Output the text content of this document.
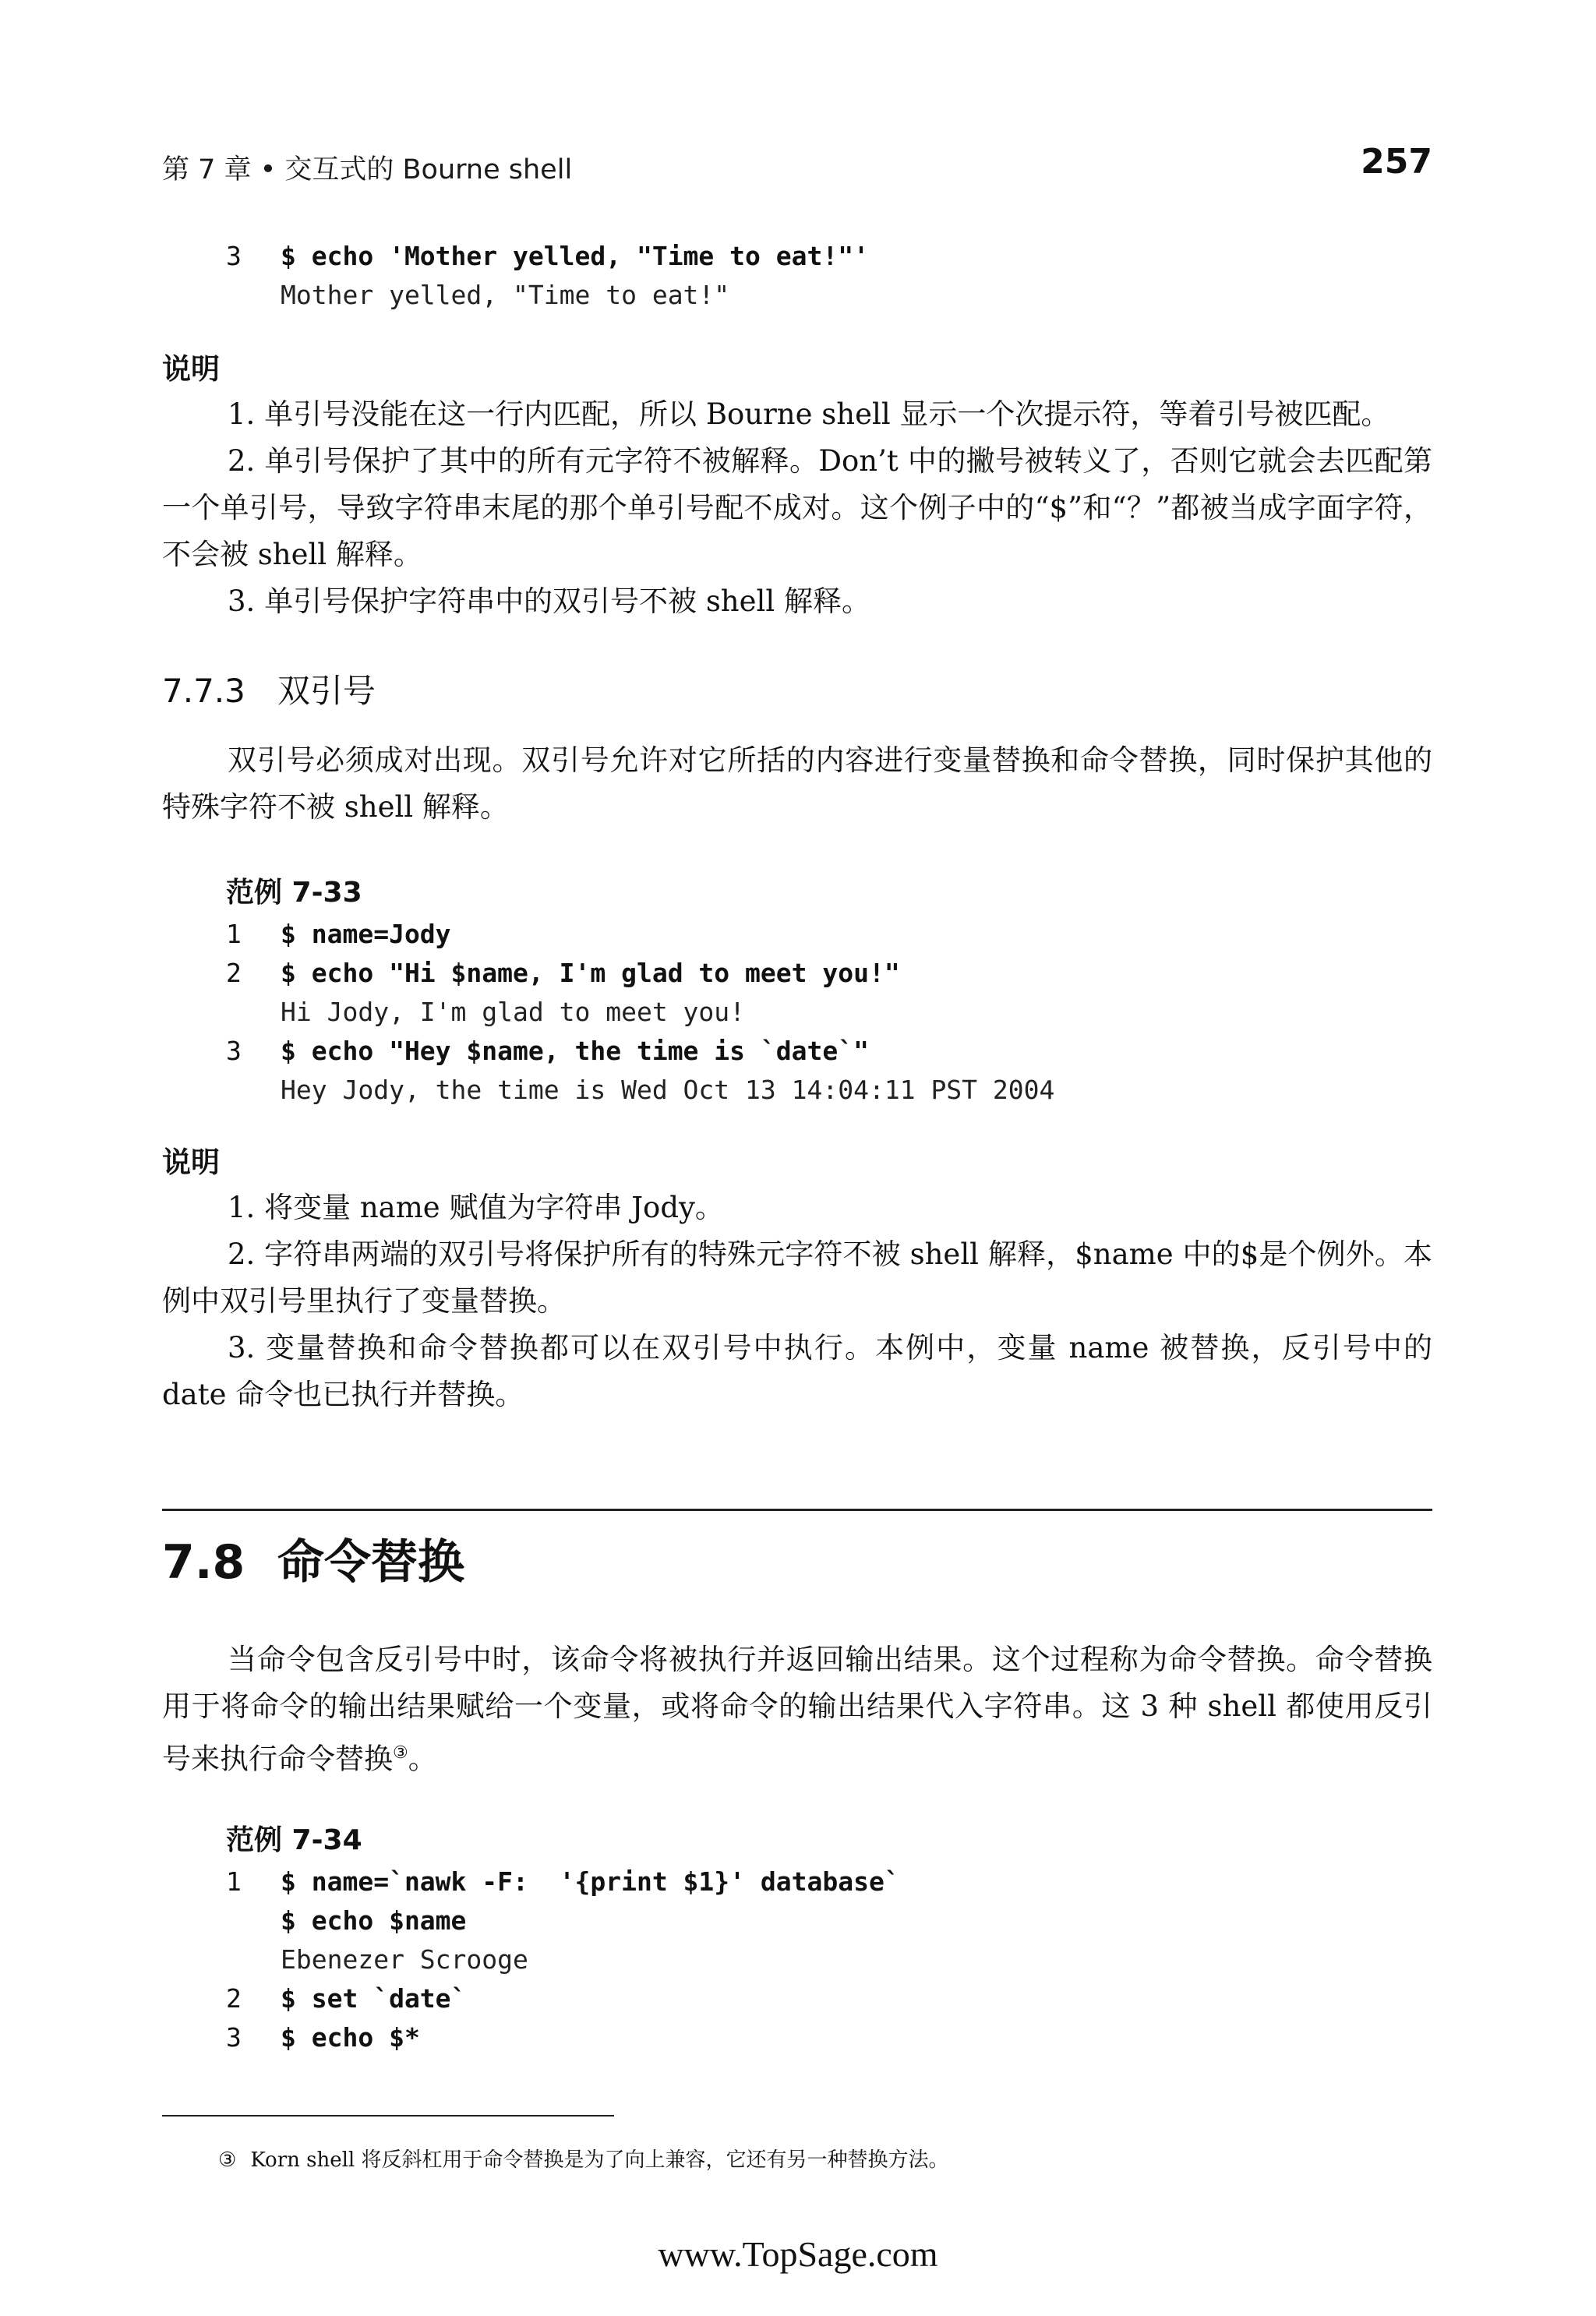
第 7 章 • 交互式的 Bourne shell	257

3

$ echo 'Mother yelled, "Time to eat!"'

Mother yelled, "Time to eat!"

说明

1. 单引号没能在这一行内匹配，所以 Bourne shell 显示一个次提示符，等着引号被匹配。

2. 单引号保护了其中的所有元字符不被解释。Don’t 中的撇号被转义了，否则它就会去匹配第一个单引号，导致字符串末尾的那个单引号配不成对。这个例子中的“$”和“？”都被当成字面字符，不会被 shell 解释。

3. 单引号保护字符串中的双引号不被 shell 解释。

7.7.3 双引号

双引号必须成对出现。双引号允许对它所括的内容进行变量替换和命令替换，同时保护其他的特殊字符不被 shell 解释。

范例 7-33

1

$ name=Jody

2

$ echo "Hi $name, I'm glad to meet you!"

Hi Jody, I'm glad to meet you!

3

$ echo "Hey $name, the time is `date`"

Hey Jody, the time is Wed Oct 13 14:04:11 PST 2004

说明

1. 将变量 name 赋值为字符串 Jody。

2. 字符串两端的双引号将保护所有的特殊元字符不被 shell 解释，$name 中的$是个例外。本例中双引号里执行了变量替换。

3. 变量替换和命令替换都可以在双引号中执行。本例中，变量 name 被替换，反引号中的 date 命令也已执行并替换。

7.8 命令替换

当命令包含反引号中时，该命令将被执行并返回输出结果。这个过程称为命令替换。命令替换用于将命令的输出结果赋给一个变量，或将命令的输出结果代入字符串。这 3 种 shell 都使用反引号来执行命令替换③。

范例 7-34

1

$ name=`nawk -F:  '{print $1}' database`

$ echo $name

Ebenezer Scrooge

2

$ set `date`

3

$ echo $*

③ Korn shell 将反斜杠用于命令替换是为了向上兼容，它还有另一种替换方法。
www.TopSage.com
